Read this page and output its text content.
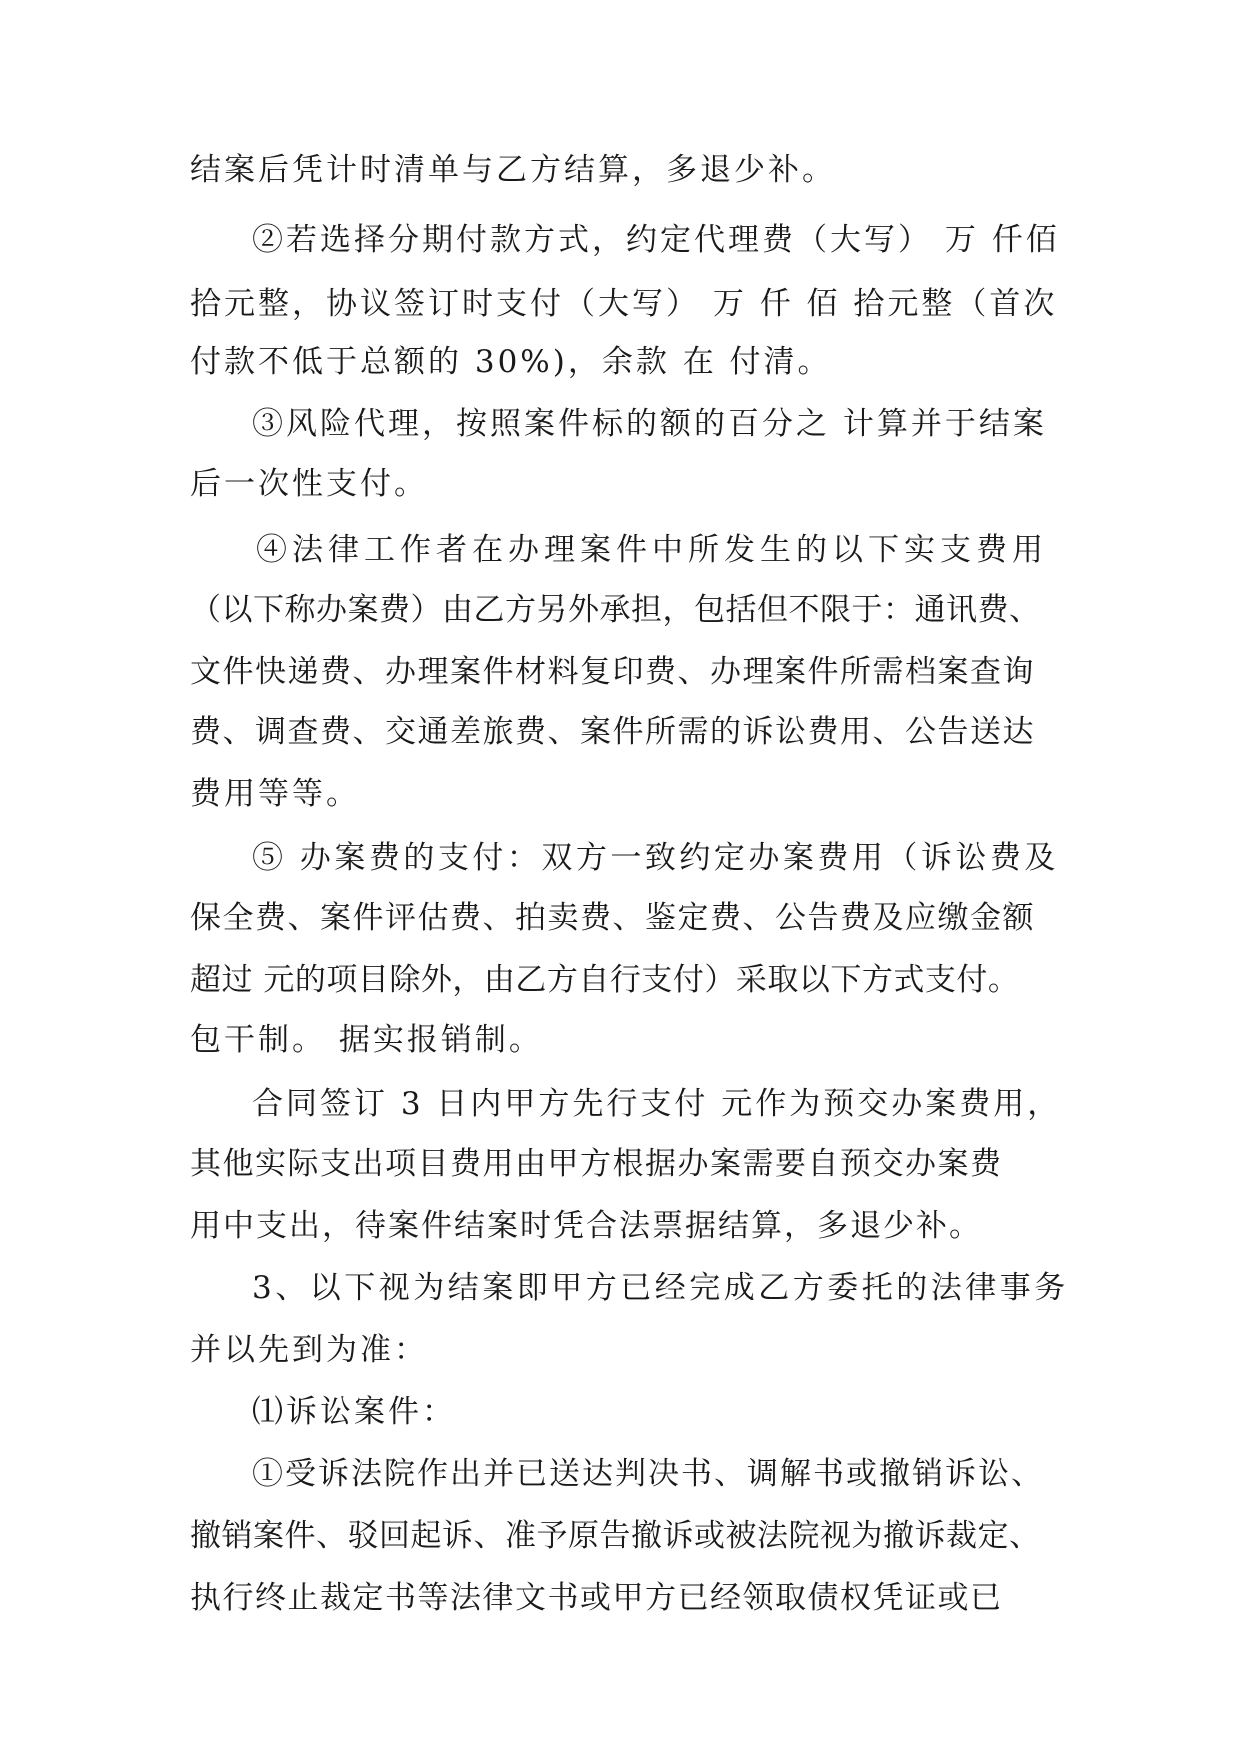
结案后凭计时清单与乙方结算，多退少补。
②若选择分期付款方式，约定代理费（大写） 万 仟佰
拾元整，协议签订时支付（大写） 万 仟 佰 拾元整（首次
付款不低于总额的 30%)，余款 在 付清。
③风险代理，按照案件标的额的百分之 计算并于结案
后一次性支付。
④法律工作者在办理案件中所发生的以下实支费用
（以下称办案费）由乙方另外承担，包括但不限于：通讯费、
文件快递费、办理案件材料复印费、办理案件所需档案查询
费、调查费、交通差旅费、案件所需的诉讼费用、公告送达
费用等等。
⑤ 办案费的支付：双方一致约定办案费用（诉讼费及
保全费、案件评估费、拍卖费、鉴定费、公告费及应缴金额
超过 元的项目除外，由乙方自行支付）采取以下方式支付。
包干制。 据实报销制。
合同签订 3 日内甲方先行支付 元作为预交办案费用，
其他实际支出项目费用由甲方根据办案需要自预交办案费
用中支出，待案件结案时凭合法票据结算，多退少补。
3、以下视为结案即甲方已经完成乙方委托的法律事务
并以先到为准：
⑴诉讼案件：
①受诉法院作出并已送达判决书、调解书或撤销诉讼、
撤销案件、驳回起诉、准予原告撤诉或被法院视为撤诉裁定、
执行终止裁定书等法律文书或甲方已经领取债权凭证或已
